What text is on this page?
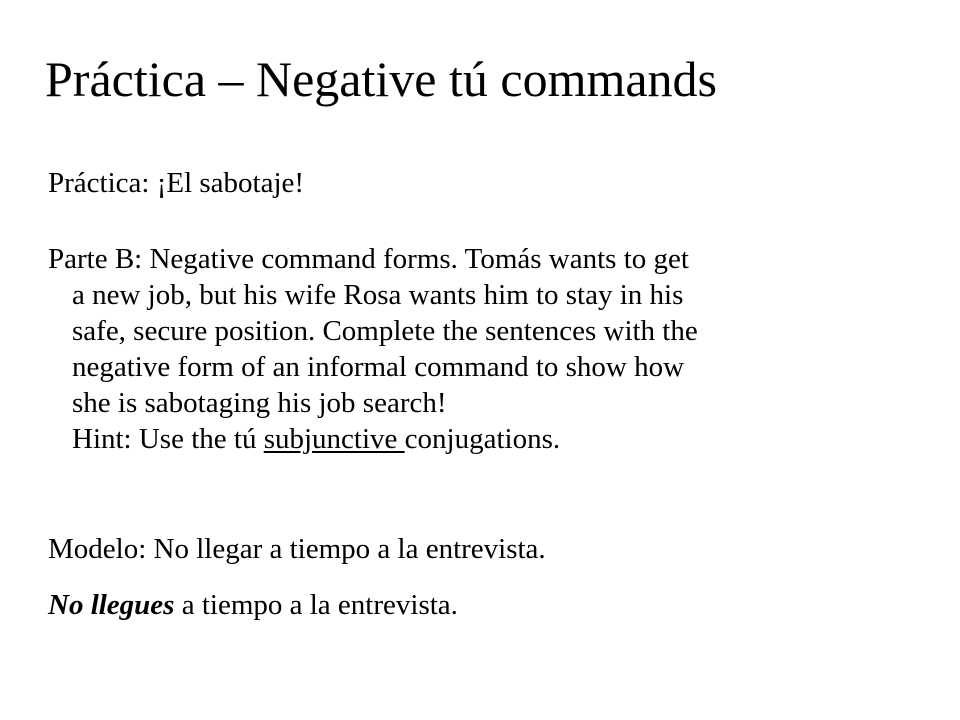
Práctica – Negative tú commands

Práctica: ¡El sabotaje!

Parte B: Negative command forms. Tomás wants to get
a new job, but his wife Rosa wants him to stay in his
safe, secure position. Complete the sentences with the
negative form of an informal command to show how
she is sabotaging his job search!
Hint: Use the tú subjunctive conjugations.

Modelo: No llegar a tiempo a la entrevista.

No llegues a tiempo a la entrevista.
